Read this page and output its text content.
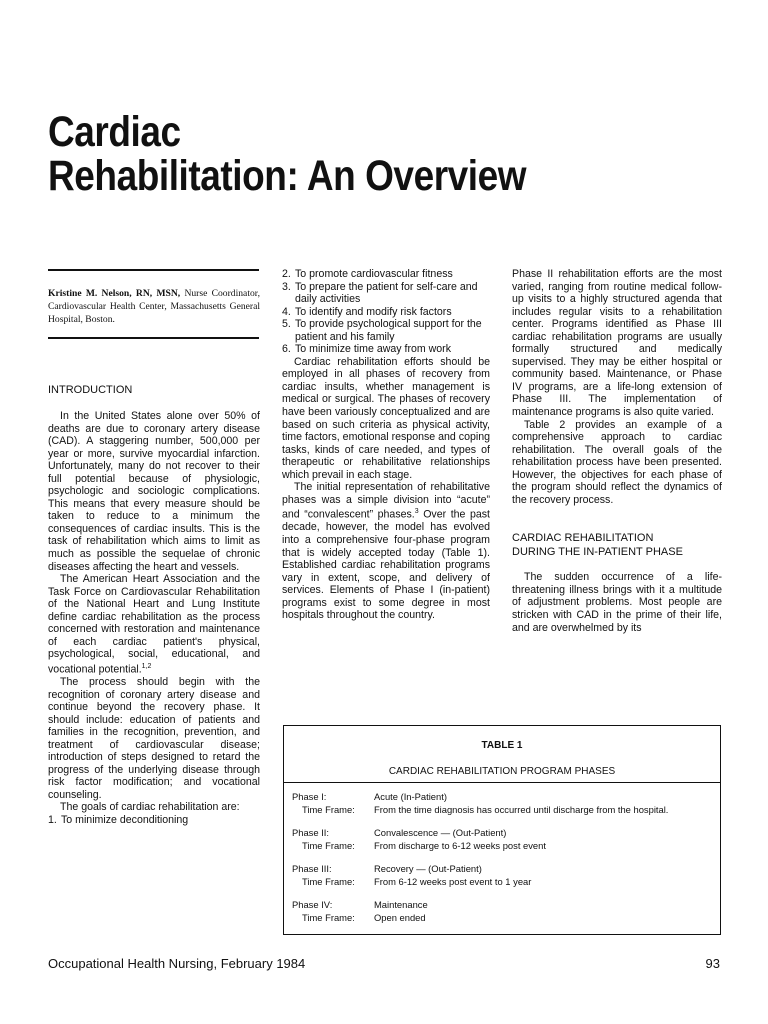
Cardiac
Rehabilitation: An Overview
Kristine M. Nelson, RN, MSN, Nurse Coordinator, Cardiovascular Health Center, Massachusetts General Hospital, Boston.
INTRODUCTION

In the United States alone over 50% of deaths are due to coronary artery disease (CAD). A staggering number, 500,000 per year or more, survive myocardial infarction. Unfortunately, many do not recover to their full potential because of physiologic, psychologic and sociologic complications. This means that every measure should be taken to reduce to a minimum the consequences of cardiac insults. This is the task of rehabilitation which aims to limit as much as possible the sequelae of chronic diseases affecting the heart and vessels.

The American Heart Association and the Task Force on Cardiovascular Rehabilitation of the National Heart and Lung Institute define cardiac rehabilitation as the process concerned with restoration and maintenance of each cardiac patient's physical, psychological, social, educational, and vocational potential.$^{1,2}$

The process should begin with the recognition of coronary artery disease and continue beyond the recovery phase. It should include: education of patients and families in the recognition, prevention, and treatment of cardiovascular disease; introduction of steps designed to retard the progress of the underlying disease through risk factor modification; and vocational counseling.

The goals of cardiac rehabilitation are:

1. To minimize deconditioning
2. To promote cardiovascular fitness
3. To prepare the patient for self-care and daily activities
4. To identify and modify risk factors
5. To provide psychological support for the patient and his family
6. To minimize time away from work

Cardiac rehabilitation efforts should be employed in all phases of recovery from cardiac insults, whether management is medical or surgical. The phases of recovery have been variously conceptualized and are based on such criteria as physical activity, time factors, emotional response and coping tasks, kinds of care needed, and types of therapeutic or rehabilitative relationships which prevail in each stage.

The initial representation of rehabilitative phases was a simple division into “acute” and “convalescent” phases.$^3$ Over the past decade, however, the model has evolved into a comprehensive four-phase program that is widely accepted today (Table 1). Established cardiac rehabilitation programs vary in extent, scope, and delivery of services. Elements of Phase I (in-patient) programs exist to some degree in most hospitals throughout the country.

Phase II rehabilitation efforts are the most varied, ranging from routine medical follow-up visits to a highly structured agenda that includes regular visits to a rehabilitation center. Programs identified as Phase III cardiac rehabilitation programs are usually formally structured and medically supervised. They may be either hospital or community based. Maintenance, or Phase IV programs, are a life-long extension of Phase III. The implementation of maintenance programs is also quite varied.

Table 2 provides an example of a comprehensive approach to cardiac rehabilitation. The overall goals of the rehabilitation process have been presented. However, the objectives for each phase of the program should reflect the dynamics of the recovery process.

CARDIAC REHABILITATION
DURING THE IN-PATIENT PHASE

The sudden occurrence of a life-threatening illness brings with it a multitude of adjustment problems. Most people are stricken with CAD in the prime of their life, and are overwhelmed by its

TABLE 1
CARDIAC REHABILITATION PROGRAM PHASES
Phase I:	Acute (In-Patient)
Time Frame:	From the time diagnosis has occurred until discharge from the hospital.
Phase II:	Convalescence — (Out-Patient)
Time Frame:	From discharge to 6-12 weeks post event
Phase III:	Recovery — (Out-Patient)
Time Frame:	From 6-12 weeks post event to 1 year
Phase IV:	Maintenance
Time Frame:	Open ended
Occupational Health Nursing, February 1984	93
